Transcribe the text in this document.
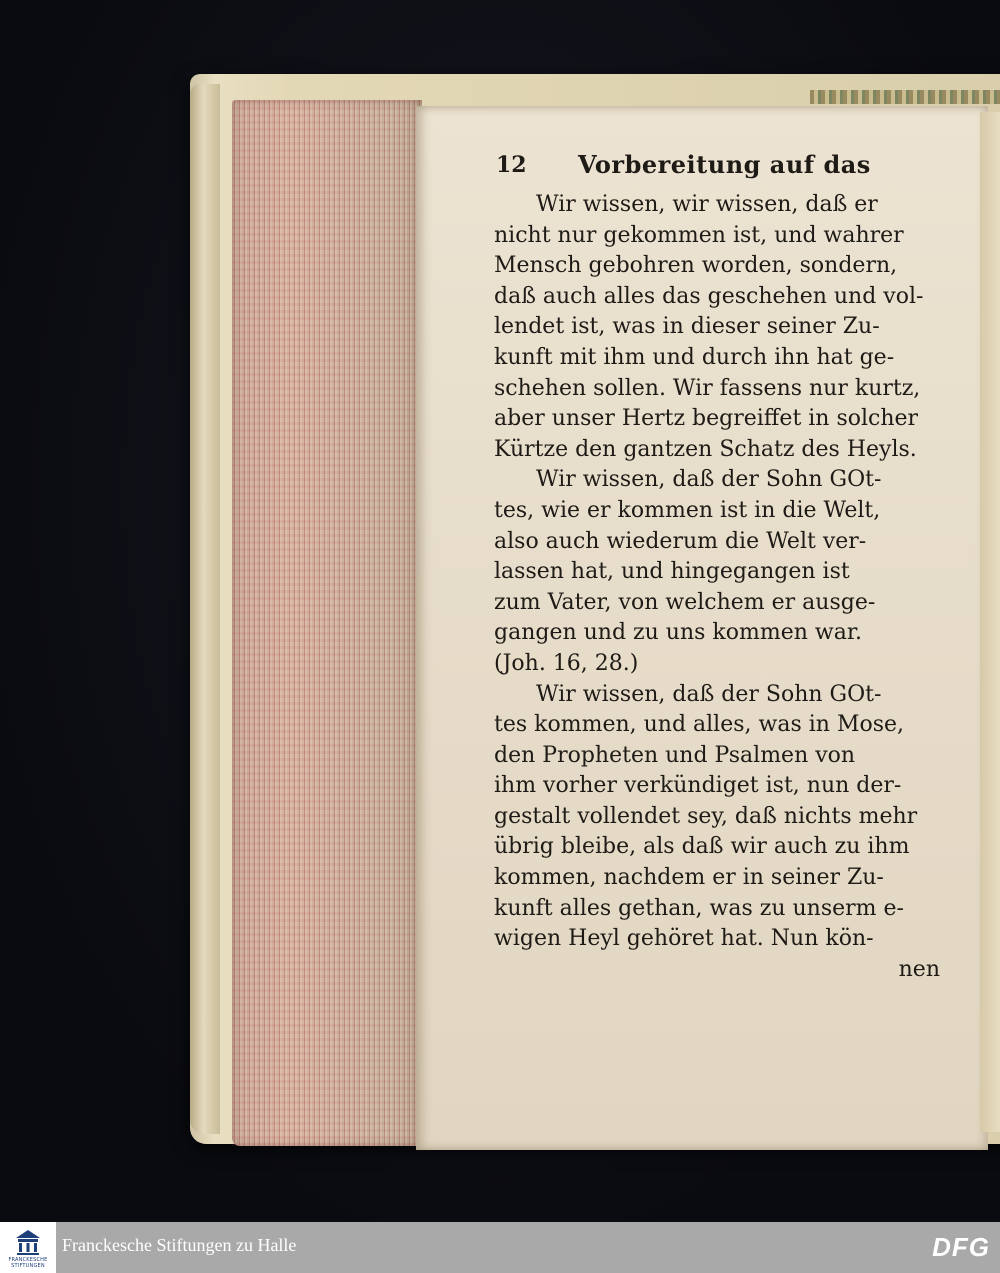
12 Vorbereitung auf das
Wir wissen, wir wissen, daß er
nicht nur gekommen ist, und wahrer
Mensch gebohren worden, sondern,
daß auch alles das geschehen und vol-
lendet ist, was in dieser seiner Zu-
kunft mit ihm und durch ihn hat ge-
schehen sollen. Wir fassens nur kurtz,
aber unser Hertz begreiffet in solcher
Kürtze den gantzen Schatz des Heyls.
Wir wissen, daß der Sohn GOt-
tes, wie er kommen ist in die Welt,
also auch wiederum die Welt ver-
lassen hat, und hingegangen ist
zum Vater, von welchem er ausge-
gangen und zu uns kommen war.
(Joh. 16, 28.)
Wir wissen, daß der Sohn GOt-
tes kommen, und alles, was in Mose,
den Propheten und Psalmen von
ihm vorher verkündiget ist, nun der-
gestalt vollendet sey, daß nichts mehr
übrig bleibe, als daß wir auch zu ihm
kommen, nachdem er in seiner Zu-
kunft alles gethan, was zu unserm e-
wigen Heyl gehöret hat. Nun kön-
nen
FRANCKESCHE STIFTUNGEN
Franckesche Stiftungen zu Halle	DFG
